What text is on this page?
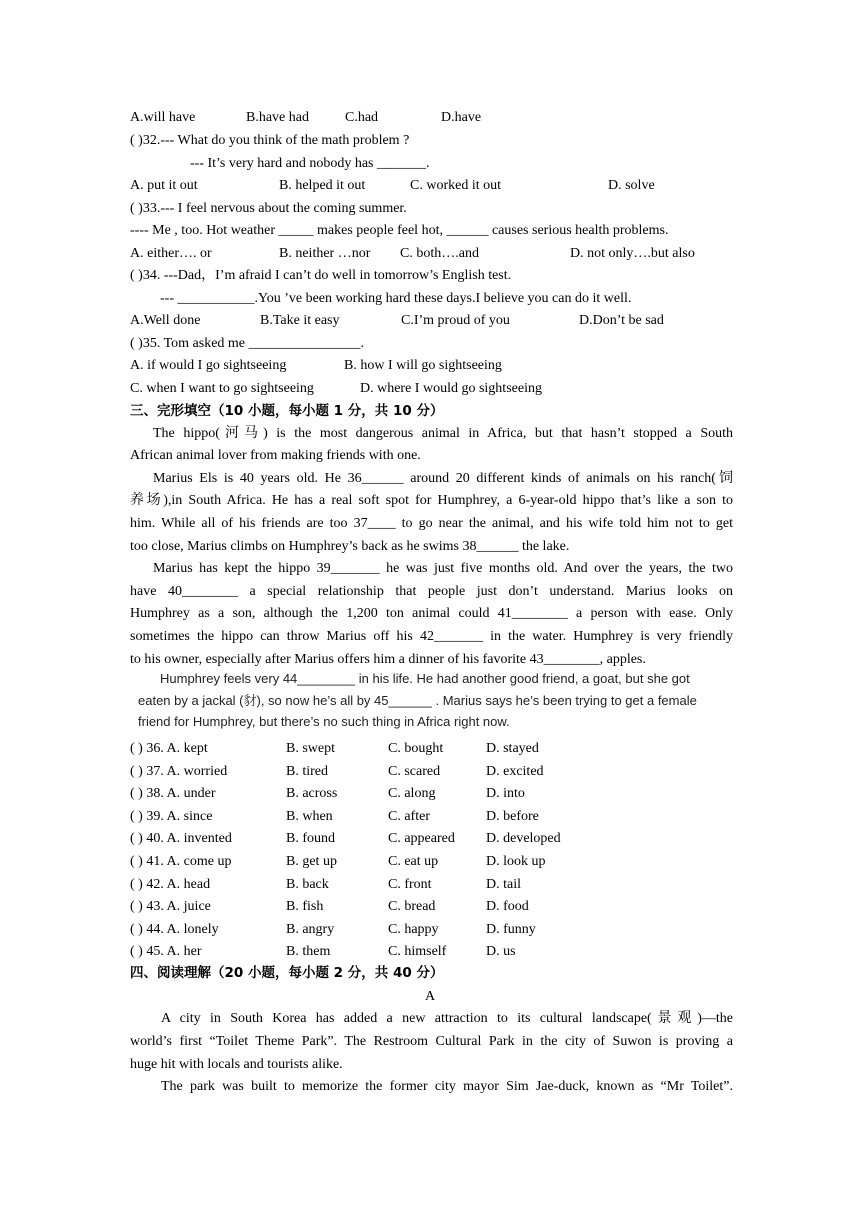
A.will have	B.have had	C.had	D.have
( )32.--- What do you think of the math problem ?
--- It’s very hard and nobody has _______.
A. put it out	B. helped it out	C. worked it out	D. solve
( )33.--- I feel nervous about the coming summer.
---- Me , too. Hot weather _____ makes people feel hot, ______ causes serious health problems.
A. either…. or	B. neither …nor C. both….and	D. not only….but also
( )34. ---Dad，I’m afraid I can’t do well in tomorrow’s English test.
--- ___________.You ’ve been working hard these days.I believe you can do it well.
A.Well done	B.Take it easy	C.I’m proud of you	D.Don’t be sad
( )35. Tom asked me ________________.
A. if would I go sightseeing	B. how I will go sightseeing
C. when I want to go sightseeing	D. where I would go sightseeing
三、完形填空（10 小题，每小题 1 分，共 10 分）
The hippo(河马) is the most dangerous animal in Africa, but that hasn’t stopped a South
African animal lover from making friends with one.
Marius Els is 40 years old. He 36______ around 20 different kinds of animals on his ranch(饲
养场),in South Africa. He has a real soft spot for Humphrey, a 6-year-old hippo that’s like a son to
him. While all of his friends are too 37____ to go near the animal, and his wife told him not to get
too close, Marius climbs on Humphrey’s back as he swims 38______ the lake.
Marius has kept the hippo 39_______ he was just five months old. And over the years, the two
have 40________ a special relationship that people just don’t understand. Marius looks on
Humphrey as a son, although the 1,200 ton animal could 41________ a person with ease. Only
sometimes the hippo can throw Marius off his 42_______ in the water. Humphrey is very friendly
to his owner, especially after Marius offers him a dinner of his favorite 43________, apples.
Humphrey feels very 44________ in his life. He had another good friend, a goat, but she got
eaten by a jackal (豺), so now he’s all by 45______ . Marius says he’s been trying to get a female
friend for Humphrey, but there’s no such thing in Africa right now.
( ) 36. A. kept	B. swept	C. bought	D. stayed
( ) 37. A. worried	B. tired	C. scared	D. excited
( ) 38. A. under	B. across	C. along	D. into
( ) 39. A. since	B. when	C. after	D. before
( ) 40. A. invented	B. found	C. appeared D. developed
( ) 41. A. come up	B. get up	C. eat up	D. look up
( ) 42. A. head	B. back	C. front	D. tail
( ) 43. A. juice	B. fish	C. bread	D. food
( ) 44. A. lonely	B. angry	C. happy	D. funny
( ) 45. A. her	B. them	C. himself	D. us
四、阅读理解（20 小题，每小题 2 分，共 40 分）
A
A city in South Korea has added a new attraction to its cultural landscape(景观)—the
world’s first “Toilet Theme Park”. The Restroom Cultural Park in the city of Suwon is proving a
huge hit with locals and tourists alike.
The park was built to memorize the former city mayor Sim Jae-duck, known as “Mr Toilet”.
